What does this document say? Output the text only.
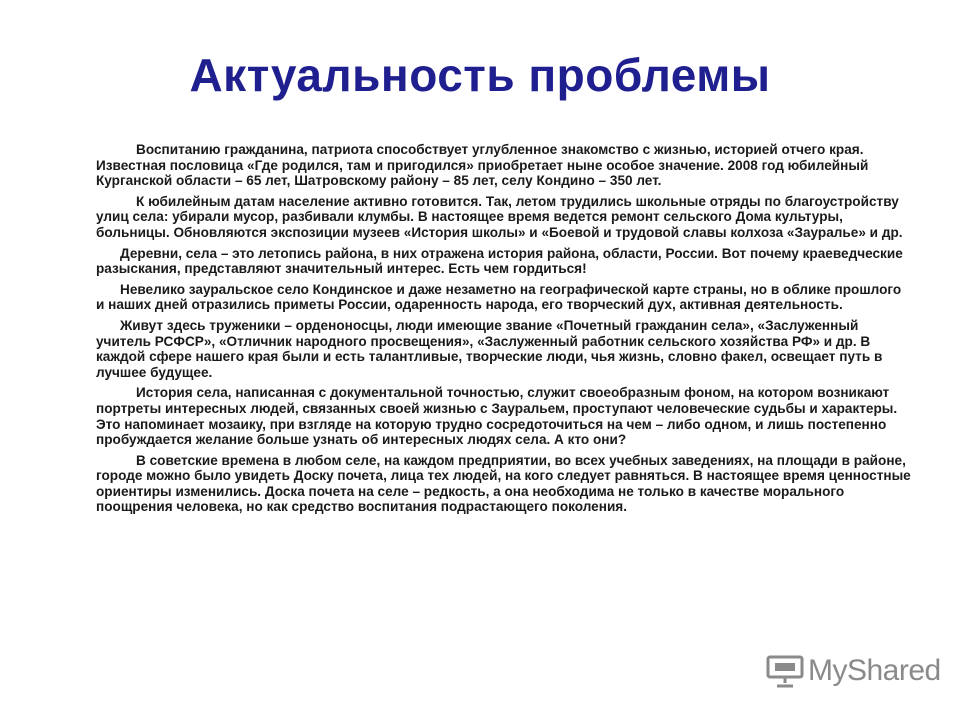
Актуальность проблемы

Воспитанию гражданина, патриота способствует углубленное знакомство с жизнью, историей отчего края. Известная пословица «Где родился, там и пригодился» приобретает ныне особое значение. 2008 год юбилейный Курганской области – 65 лет, Шатровскому району – 85 лет, селу Кондино – 350 лет.

К юбилейным датам население активно готовится. Так, летом трудились школьные отряды по благоустройству улиц села: убирали мусор, разбивали клумбы. В настоящее время ведется ремонт сельского Дома культуры, больницы. Обновляются экспозиции музеев «История школы» и «Боевой и трудовой славы колхоза «Зауралье» и др.

Деревни, села – это летопись района, в них отражена история района, области, России. Вот почему краеведческие разыскания, представляют значительный интерес. Есть чем гордиться!

Невелико зауральское село Кондинское и даже незаметно на географической карте страны, но в облике прошлого и наших дней отразились приметы России, одаренность народа, его творческий дух, активная деятельность.

Живут здесь труженики – орденоносцы, люди имеющие звание «Почетный гражданин села», «Заслуженный учитель РСФСР», «Отличник народного просвещения», «Заслуженный работник сельского хозяйства РФ» и др. В каждой сфере нашего края были и есть талантливые, творческие люди, чья жизнь, словно факел, освещает путь в лучшее будущее.

История села, написанная с документальной точностью, служит своеобразным фоном, на котором возникают портреты интересных людей, связанных своей жизнью с Зауральем, проступают человеческие судьбы и характеры. Это напоминает мозаику, при взгляде на которую трудно сосредоточиться на чем – либо одном, и лишь постепенно пробуждается желание больше узнать об интересных людях села. А кто они?

В советские времена в любом селе, на каждом предприятии, во всех учебных заведениях, на площади в районе, городе можно было увидеть Доску почета, лица тех людей, на кого следует равняться. В настоящее время ценностные ориентиры изменились. Доска почета на селе – редкость, а она необходима не только в качестве морального поощрения человека, но как средство воспитания подрастающего поколения.

MyShared
